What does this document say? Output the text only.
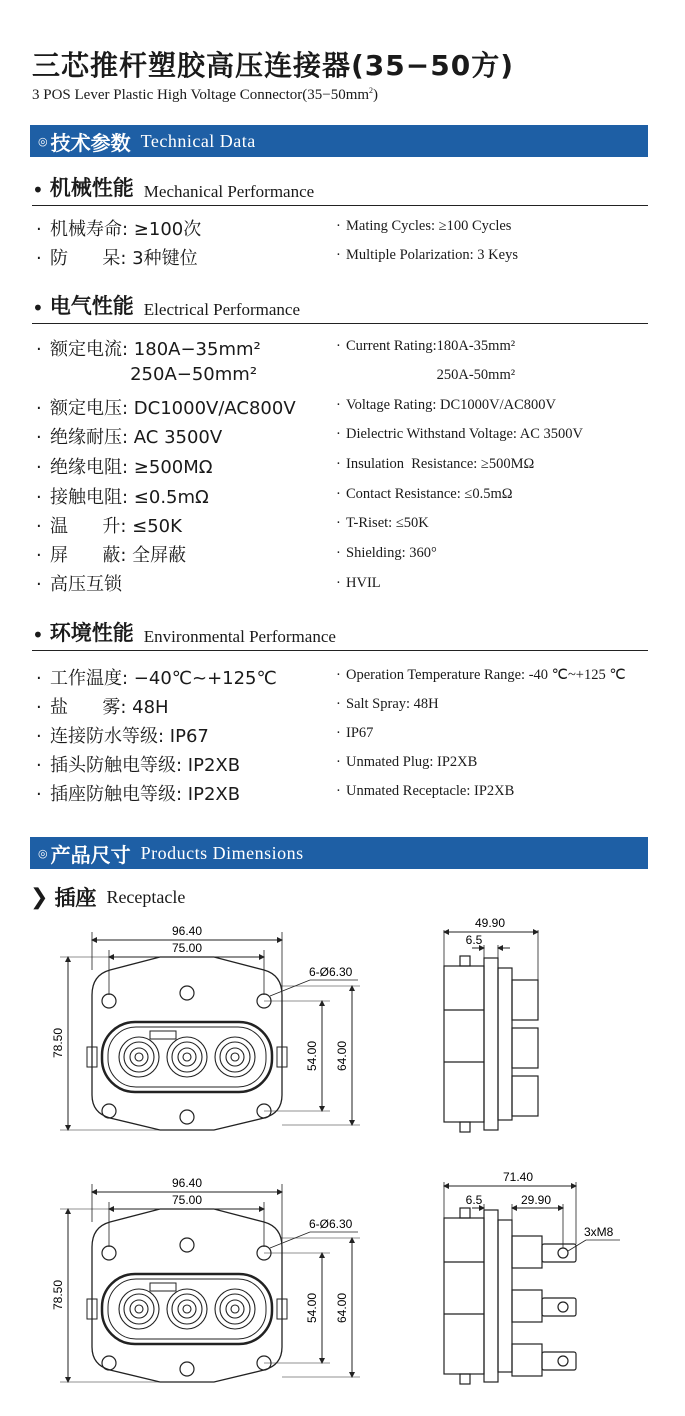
三芯推杆塑胶高压连接器(35−50方)
3 POS Lever Plastic High Voltage $Connector(35-50mm^2)$
◎ 技术参数 Technical Data
• 机械性能 Mechanical Performance
· 机械寿命: ≥100次	· Mating Cycles: ≥100 Cycles
· 防      呆: 3种键位	· Multiple Polarization: 3 Keys
• 电气性能 Electrical Performance
· 额定电流: 180A−35mm²	· Current Rating:180A-35mm²
250A−50mm²	250A-50mm²
· 额定电压: DC1000V/AC800V	· Voltage Rating: DC1000V/AC800V
· 绝缘耐压: AC 3500V	· Dielectric Withstand Voltage: AC 3500V
· 绝缘电阻: ≥500MΩ	· Insulation  Resistance: ≥500MΩ
· 接触电阻: ≤0.5mΩ	· Contact Resistance: ≤0.5mΩ
· 温      升: ≤50K	· T-Riset: ≤50K
· 屏      蔽: 全屏蔽	· Shielding: 360°
· 高压互锁	· HVIL
• 环境性能 Environmental Performance
· 工作温度: −40℃~+125℃	· Operation Temperature Range: -40 ℃~+125 ℃
· 盐      雾: 48H	· Salt Spray: 48H
· 连接防水等级: IP67	· IP67
· 插头防触电等级: IP2XB	· Unmated Plug: IP2XB
· 插座防触电等级: IP2XB	· Unmated Receptacle: IP2XB
◎ 产品尺寸 Products Dimensions
❯ 插座 Receptacle
96.40
75.00
6-Ø6.30
78.50	54.00 64.00
49.90
6.5
96.40
75.00
6-Ø6.30
78.50	54.00 64.00
71.40
6.5	29.90
3xM8
